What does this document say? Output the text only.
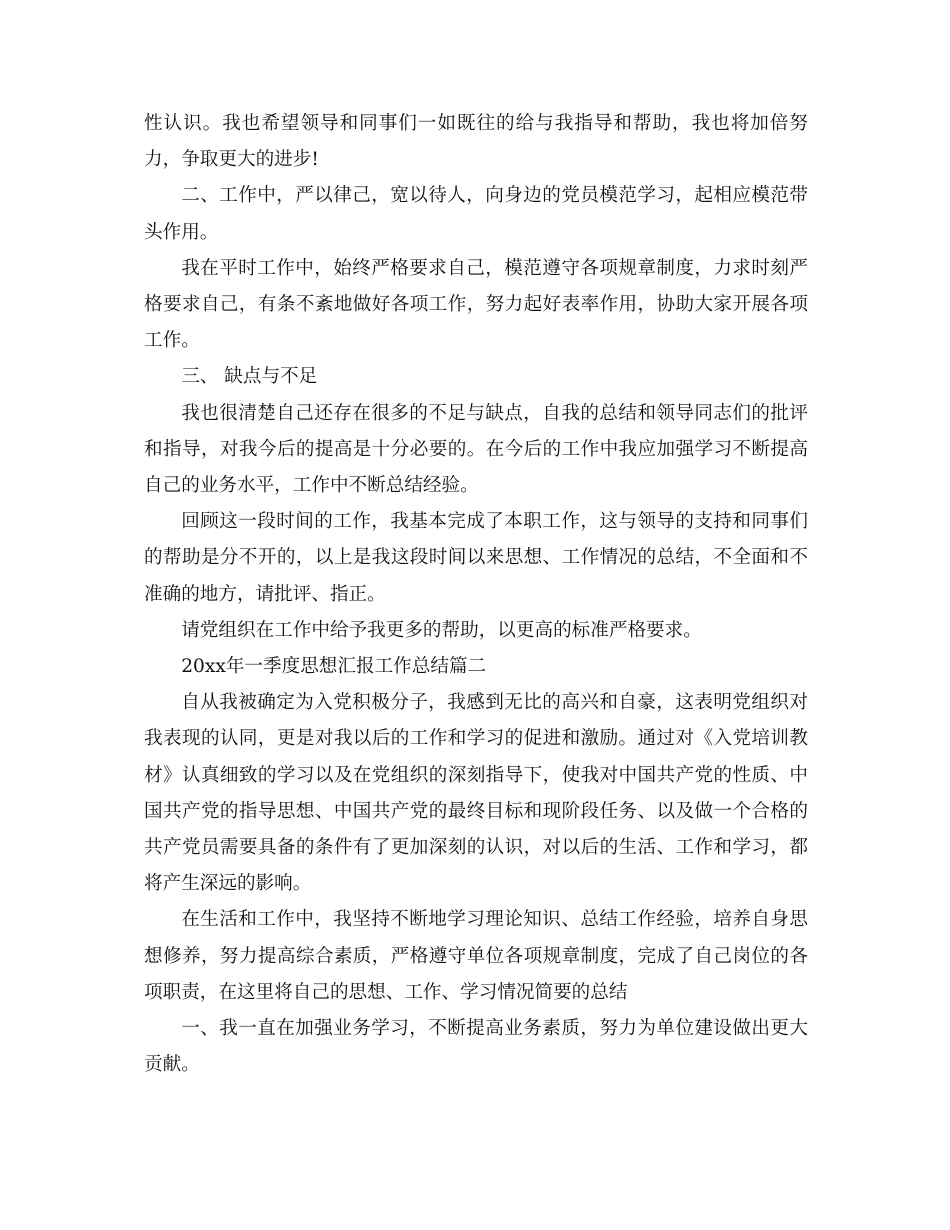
性认识。我也希望领导和同事们一如既往的给与我指导和帮助，我也将加倍努力，争取更大的进步!

二、工作中，严以律己，宽以待人，向身边的党员模范学习，起相应模范带头作用。

我在平时工作中，始终严格要求自己，模范遵守各项规章制度，力求时刻严格要求自己，有条不紊地做好各项工作，努力起好表率作用，协助大家开展各项工作。

三、 缺点与不足

我也很清楚自己还存在很多的不足与缺点，自我的总结和领导同志们的批评和指导，对我今后的提高是十分必要的。在今后的工作中我应加强学习不断提高自己的业务水平，工作中不断总结经验。

回顾这一段时间的工作，我基本完成了本职工作，这与领导的支持和同事们的帮助是分不开的，以上是我这段时间以来思想、工作情况的总结，不全面和不准确的地方，请批评、指正。

请党组织在工作中给予我更多的帮助，以更高的标准严格要求。

20xx年一季度思想汇报工作总结篇二

自从我被确定为入党积极分子，我感到无比的高兴和自豪，这表明党组织对我表现的认同，更是对我以后的工作和学习的促进和激励。通过对《入党培训教材》认真细致的学习以及在党组织的深刻指导下，使我对中国共产党的性质、中国共产党的指导思想、中国共产党的最终目标和现阶段任务、以及做一个合格的共产党员需要具备的条件有了更加深刻的认识，对以后的生活、工作和学习，都将产生深远的影响。

在生活和工作中，我坚持不断地学习理论知识、总结工作经验，培养自身思想修养，努力提高综合素质，严格遵守单位各项规章制度，完成了自己岗位的各项职责，在这里将自己的思想、工作、学习情况简要的总结

一、我一直在加强业务学习，不断提高业务素质，努力为单位建设做出更大贡献。
